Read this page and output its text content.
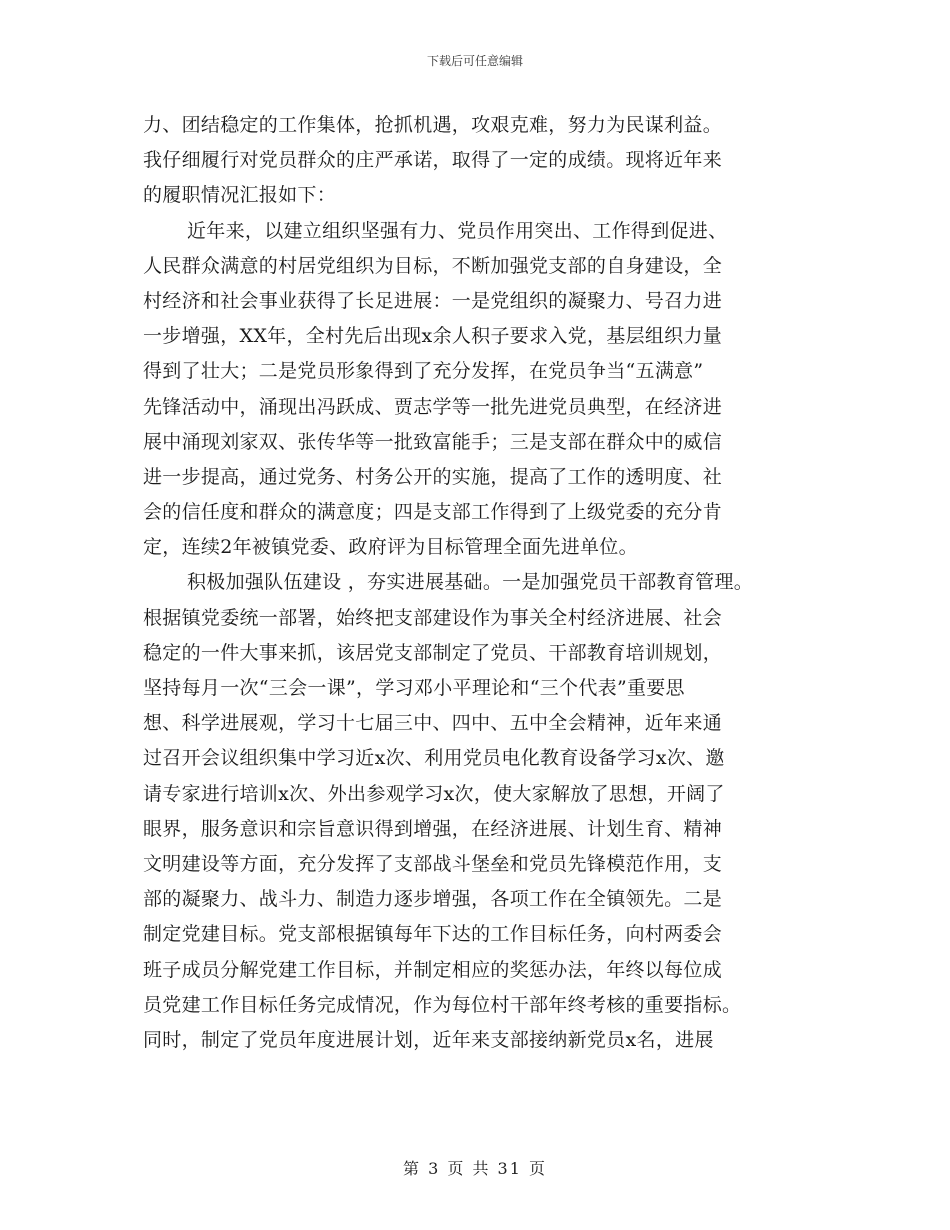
下载后可任意编辑
力、团结稳定的工作集体，抢抓机遇，攻艰克难，努力为民谋利益。
我仔细履行对党员群众的庄严承诺，取得了一定的成绩。现将近年来
的履职情况汇报如下：
近年来，以建立组织坚强有力、党员作用突出、工作得到促进、
人民群众满意的村居党组织为目标，不断加强党支部的自身建设，全
村经济和社会事业获得了长足进展：一是党组织的凝聚力、号召力进
一步增强，XX年，全村先后出现x余人积子要求入党，基层组织力量
得到了壮大；二是党员形象得到了充分发挥，在党员争当“五满意”
先锋活动中，涌现出冯跃成、贾志学等一批先进党员典型，在经济进
展中涌现刘家双、张传华等一批致富能手；三是支部在群众中的威信
进一步提高，通过党务、村务公开的实施，提高了工作的透明度、社
会的信任度和群众的满意度；四是支部工作得到了上级党委的充分肯
定，连续2年被镇党委、政府评为目标管理全面先进单位。
积极加强队伍建设 ，夯实进展基础。一是加强党员干部教育管理。
根据镇党委统一部署，始终把支部建设作为事关全村经济进展、社会
稳定的一件大事来抓，该居党支部制定了党员、干部教育培训规划，
坚持每月一次“三会一课”，学习邓小平理论和“三个代表”重要思
想、科学进展观，学习十七届三中、四中、五中全会精神，近年来通
过召开会议组织集中学习近x次、利用党员电化教育设备学习x次、邀
请专家进行培训x次、外出参观学习x次，使大家解放了思想，开阔了
眼界，服务意识和宗旨意识得到增强，在经济进展、计划生育、精神
文明建设等方面，充分发挥了支部战斗堡垒和党员先锋模范作用，支
部的凝聚力、战斗力、制造力逐步增强，各项工作在全镇领先。二是
制定党建目标。党支部根据镇每年下达的工作目标任务，向村两委会
班子成员分解党建工作目标，并制定相应的奖惩办法，年终以每位成
员党建工作目标任务完成情况，作为每位村干部年终考核的重要指标。
同时，制定了党员年度进展计划，近年来支部接纳新党员x名，进展
第 3 页 共 31 页
